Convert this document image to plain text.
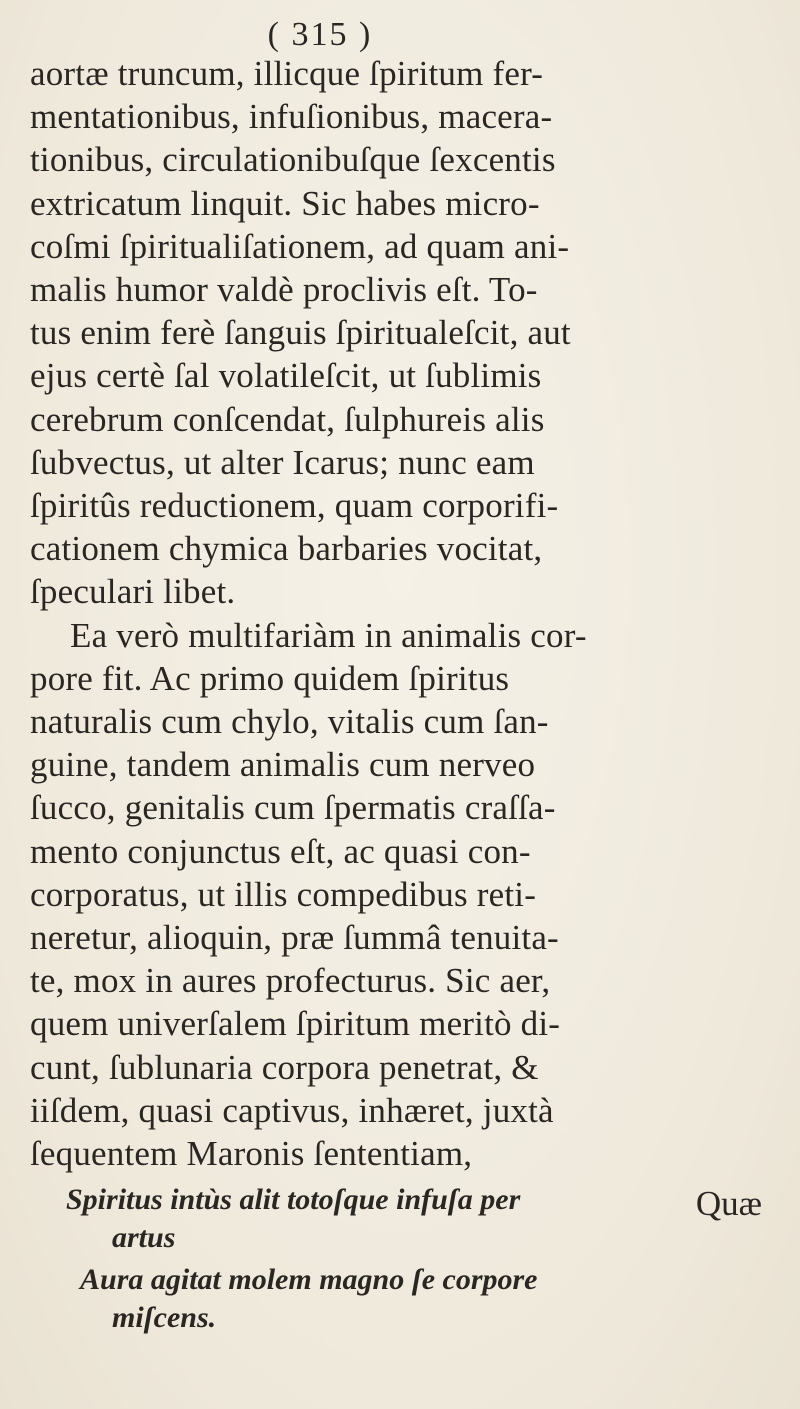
( 315 )
aortæ truncum, illicque ſpiritum fer-
mentationibus, infuſionibus, macera-
tionibus, circulationibuſque ſexcentis
extricatum linquit. Sic habes micro-
coſmi ſpiritualiſationem, ad quam ani-
malis humor valdè proclivis eſt. To-
tus enim ferè ſanguis ſpiritualeſcit, aut
ejus certè ſal volatileſcit, ut ſublimis
cerebrum conſcendat, ſulphureis alis
ſubvectus, ut alter Icarus; nunc eam
ſpiritûs reductionem, quam corporifi-
cationem chymica barbaries vocitat,
ſpeculari libet.
Ea verò multifariàm in animalis cor-
pore fit. Ac primo quidem ſpiritus
naturalis cum chylo, vitalis cum ſan-
guine, tandem animalis cum nerveo
ſucco, genitalis cum ſpermatis craſſa-
mento conjunctus eſt, ac quasi con-
corporatus, ut illis compedibus reti-
neretur, alioquin, præ ſummâ tenuita-
te, mox in aures profecturus. Sic aer,
quem univerſalem ſpiritum meritò di-
cunt, ſublunaria corpora penetrat, &
iiſdem, quasi captivus, inhæret, juxtà
ſequentem Maronis ſententiam,
Spiritus intùs alit totoſque infuſa per
artus
Aura agitat molem magno ſe corpore
miſcens.
Quæ
